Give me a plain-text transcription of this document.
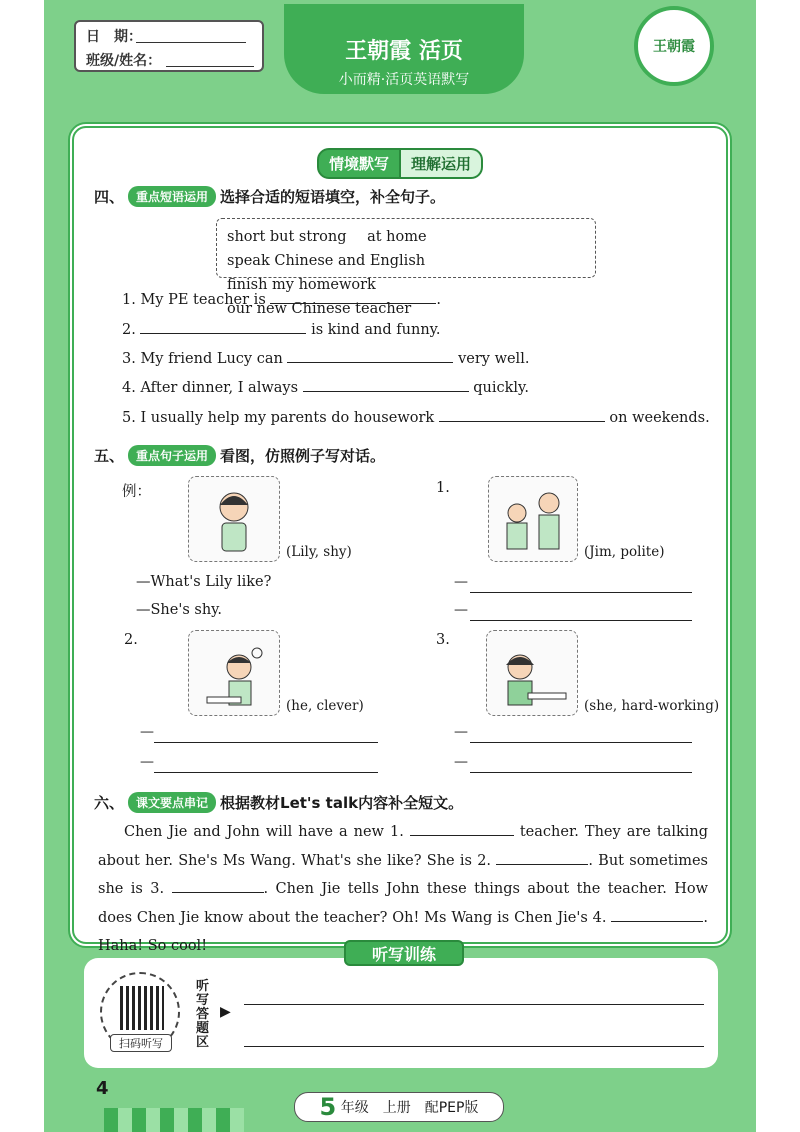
日　期：
班级/姓名：	王朝霞 活页
小而精·活页英语默写
王朝霞
情境默写	理解运用
四、	重点短语运用 选择合适的短语填空，补全句子。
short but strong at home speak Chinese and English
finish my homework our new Chinese teacher
1. My PE teacher is	.
2.	is kind and funny.
3. My friend Lucy can	very well.
4. After dinner, I always	quickly.
5. I usually help my parents do housework	on weekends.
五、	重点句子运用 看图，仿照例子写对话。
例：
(Lily, shy)
—What's Lily like?
—She's shy.
1.
(Jim, polite)
—
—
2.
(he, clever)
—
—
3.
(she, hard-working)
—
—
六、	课文要点串记 根据教材Let's talk内容补全短文。
Chen Jie and John will have a new 1.	teacher. They are talking about her. She's Ms Wang. What's she like? She is 2.	. But sometimes she is 3.	. Chen Jie tells John these things about the teacher. How does Chen Jie know about the teacher? Oh! Ms Wang is Chen Jie's 4.	. Haha! So cool!	听写训练
扫码听写
听写答题区
▶
4
5 年级　上册　配PEP版
